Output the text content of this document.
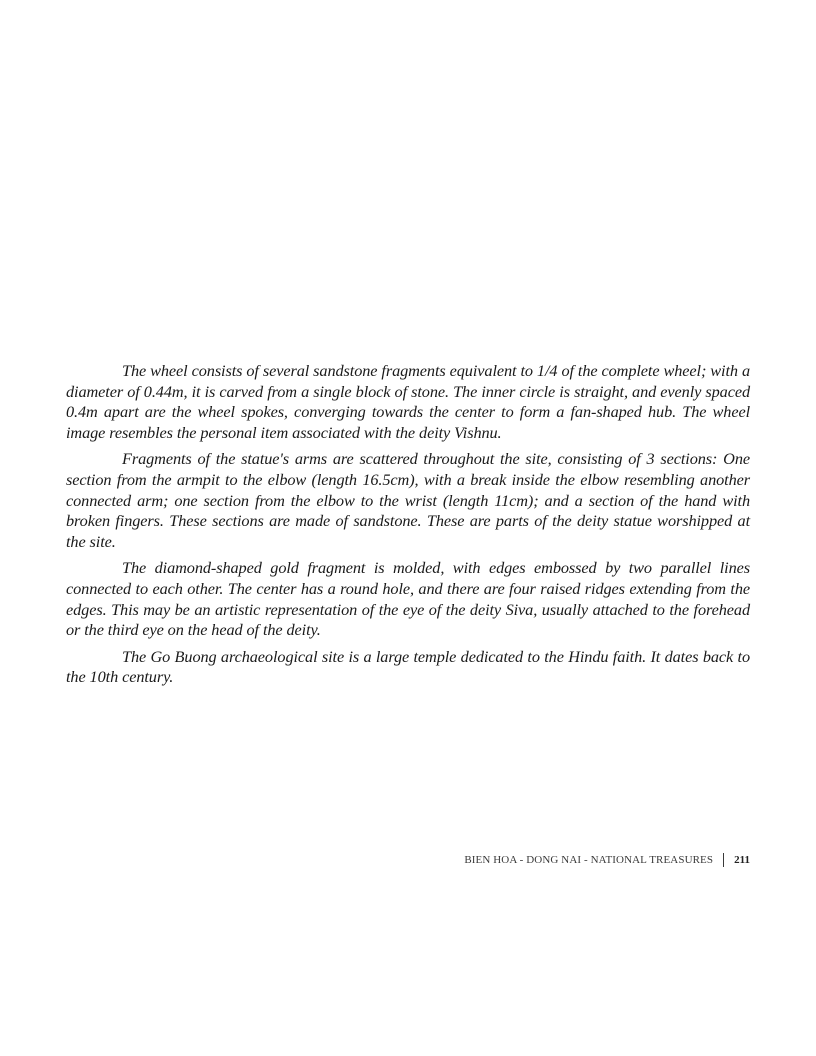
The wheel consists of several sandstone fragments equivalent to 1/4 of the complete wheel; with a diameter of 0.44m, it is carved from a single block of stone. The inner circle is straight, and evenly spaced 0.4m apart are the wheel spokes, converging towards the center to form a fan-shaped hub. The wheel image resembles the personal item associated with the deity Vishnu.

Fragments of the statue's arms are scattered throughout the site, consisting of 3 sections: One section from the armpit to the elbow (length 16.5cm), with a break inside the elbow resembling another connected arm; one section from the elbow to the wrist (length 11cm); and a section of the hand with broken fingers. These sections are made of sandstone. These are parts of the deity statue worshipped at the site.

The diamond-shaped gold fragment is molded, with edges embossed by two parallel lines connected to each other. The center has a round hole, and there are four raised ridges extending from the edges. This may be an artistic representation of the eye of the deity Siva, usually attached to the forehead or the third eye on the head of the deity.

The Go Buong archaeological site is a large temple dedicated to the Hindu faith. It dates back to the 10th century.

BIEN HOA - DONG NAI - NATIONAL TREASURES 211
